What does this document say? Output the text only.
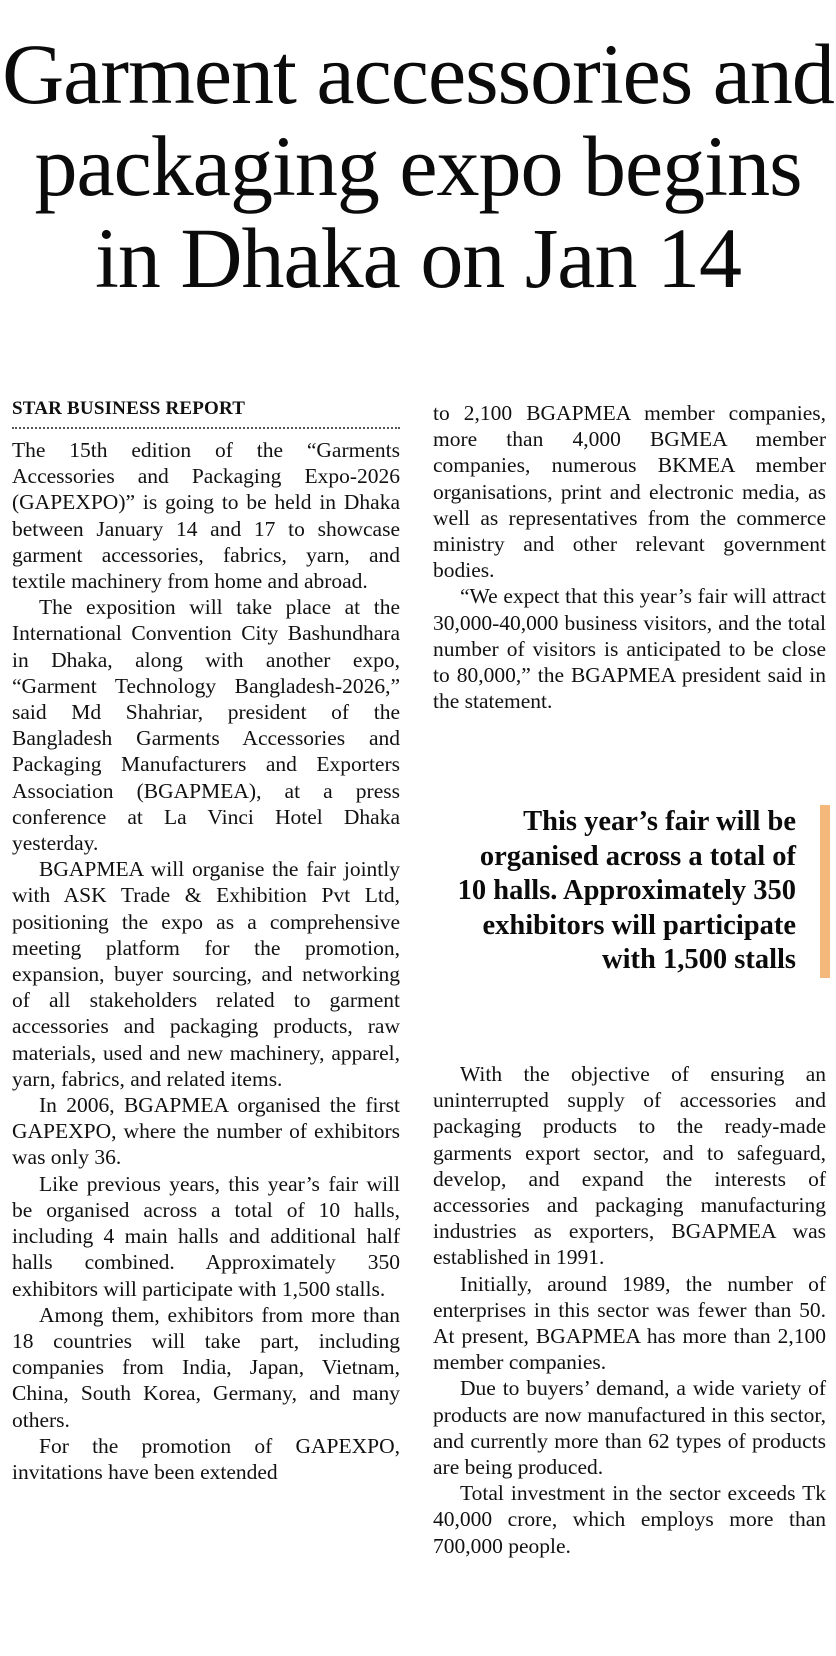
Garment accessories and packaging expo begins in Dhaka on Jan 14
STAR BUSINESS REPORT

The 15th edition of the “Garments Accessories and Packaging Expo-2026 (GAPEXPO)” is going to be held in Dhaka between January 14 and 17 to showcase garment accessories, fabrics, yarn, and textile machinery from home and abroad.

The exposition will take place at the International Convention City Bashundhara in Dhaka, along with another expo, “Garment Technology Bangladesh-2026,” said Md Shahriar, president of the Bangladesh Garments Accessories and Packaging Manufacturers and Exporters Association (BGAPMEA), at a press conference at La Vinci Hotel Dhaka yesterday.

BGAPMEA will organise the fair jointly with ASK Trade & Exhibition Pvt Ltd, positioning the expo as a comprehensive meeting platform for the promotion, expansion, buyer sourcing, and networking of all stakeholders related to garment accessories and packaging products, raw materials, used and new machinery, apparel, yarn, fabrics, and related items.

In 2006, BGAPMEA organised the first GAPEXPO, where the number of exhibitors was only 36.

Like previous years, this year’s fair will be organised across a total of 10 halls, including 4 main halls and additional half halls combined. Approximately 350 exhibitors will participate with 1,500 stalls.

Among them, exhibitors from more than 18 countries will take part, including companies from India, Japan, Vietnam, China, South Korea, Germany, and many others.

For the promotion of GAPEXPO, invitations have been extended

to 2,100 BGAPMEA member companies, more than 4,000 BGMEA member companies, numerous BKMEA member organisations, print and electronic media, as well as representatives from the commerce ministry and other relevant government bodies.

“We expect that this year’s fair will attract 30,000-40,000 business visitors, and the total number of visitors is anticipated to be close to 80,000,” the BGAPMEA president said in the statement.

This year’s fair will be organised across a total of 10 halls. Approximately 350 exhibitors will participate with 1,500 stalls

With the objective of ensuring an uninterrupted supply of accessories and packaging products to the ready-made garments export sector, and to safeguard, develop, and expand the interests of accessories and packaging manufacturing industries as exporters, BGAPMEA was established in 1991.

Initially, around 1989, the number of enterprises in this sector was fewer than 50. At present, BGAPMEA has more than 2,100 member companies.

Due to buyers’ demand, a wide variety of products are now manufactured in this sector, and currently more than 62 types of products are being produced.

Total investment in the sector exceeds Tk 40,000 crore, which employs more than 700,000 people.
